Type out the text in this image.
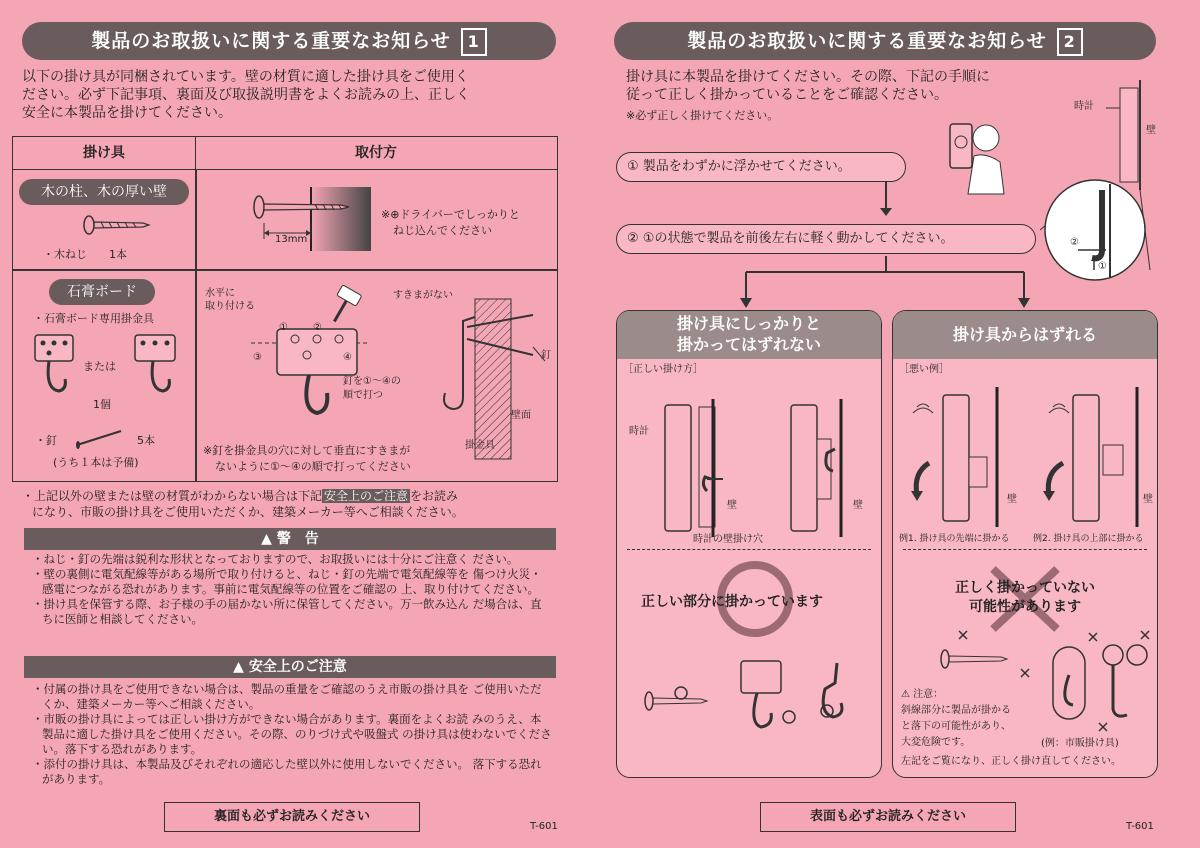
製品のお取扱いに関する重要なお知らせ 1
以下の掛け具が同梱されています。壁の材質に適した掛け具をご使用く
ださい。必ず下記事項、裏面及び取扱説明書をよくお読みの上、正しく
安全に本製品を掛けてください。
掛け具	取付方
木の柱、木の厚い壁
・木ねじ　　1本
13mm
※⊕ドライバーでしっかりと
ねじ込んでください
石膏ボード
・石膏ボード専用掛金具
または
1個
・釘	5本
(うち１本は予備)
水平に
取り付ける
①	②
③	④
釘を①～④の
順で打つ
すきまがない
釘
壁面
掛金具
※釘を掛金具の穴に対して垂直にすきまが
ないように①～④の順で打ってください
・上記以外の壁または壁の材質がわからない場合は下記 安全上のご注意 をお読み
になり、市販の掛け具をご使用いただくか、建築メーカー等へご相談ください。
▲ 警　告
・ねじ・釘の先端は鋭利な形状となっておりますので、お取扱いには十分にご注意く ださい。
・壁の裏側に電気配線等がある場所で取り付けると、ねじ・釘の先端で電気配線等を 傷つけ火災・感電につながる恐れがあります。事前に電気配線等の位置をご確認の 上、取り付けてください。
・掛け具を保管する際、お子様の手の届かない所に保管してください。万一飲み込ん だ場合は、直ちに医師と相談してください。
▲ 安全上のご注意
・付属の掛け具をご使用できない場合は、製品の重量をご確認のうえ市販の掛け具を ご使用いただくか、建築メーカー等へご相談ください。
・市販の掛け具によっては正しい掛け方ができない場合があります。裏面をよくお読 みのうえ、本製品に適した掛け具をご使用ください。その際、のりづけ式や吸盤式 の掛け具は使わないでください。落下する恐れがあります。
・添付の掛け具は、本製品及びそれぞれの適応した壁以外に使用しないでください。 落下する恐れがあります。
裏面も必ずお読みください
T-601
製品のお取扱いに関する重要なお知らせ 2
掛け具に本製品を掛けてください。その際、下記の手順に
従って正しく掛かっていることをご確認ください。
※必ず正しく掛けてください。
時計
壁
②
①
① 製品をわずかに浮かせてください。
② ①の状態で製品を前後左右に軽く動かしてください。
掛け具にしっかりと
掛かってはずれない
［正しい掛け方］
時計
壁	壁
時計の壁掛け穴
正しい部分に掛かっています
掛け具からはずれる
［悪い例］
壁	壁
例1. 掛け具の先端に掛かる	例2. 掛け具の上部に掛かる
正しく掛かっていない
可能性があります
⚠ 注意：
斜線部分に製品が掛かる
と落下の可能性があり、
大変危険です。	(例：市販掛け具)
左記をご覧になり、正しく掛け直してください。
表面も必ずお読みください
T-601
